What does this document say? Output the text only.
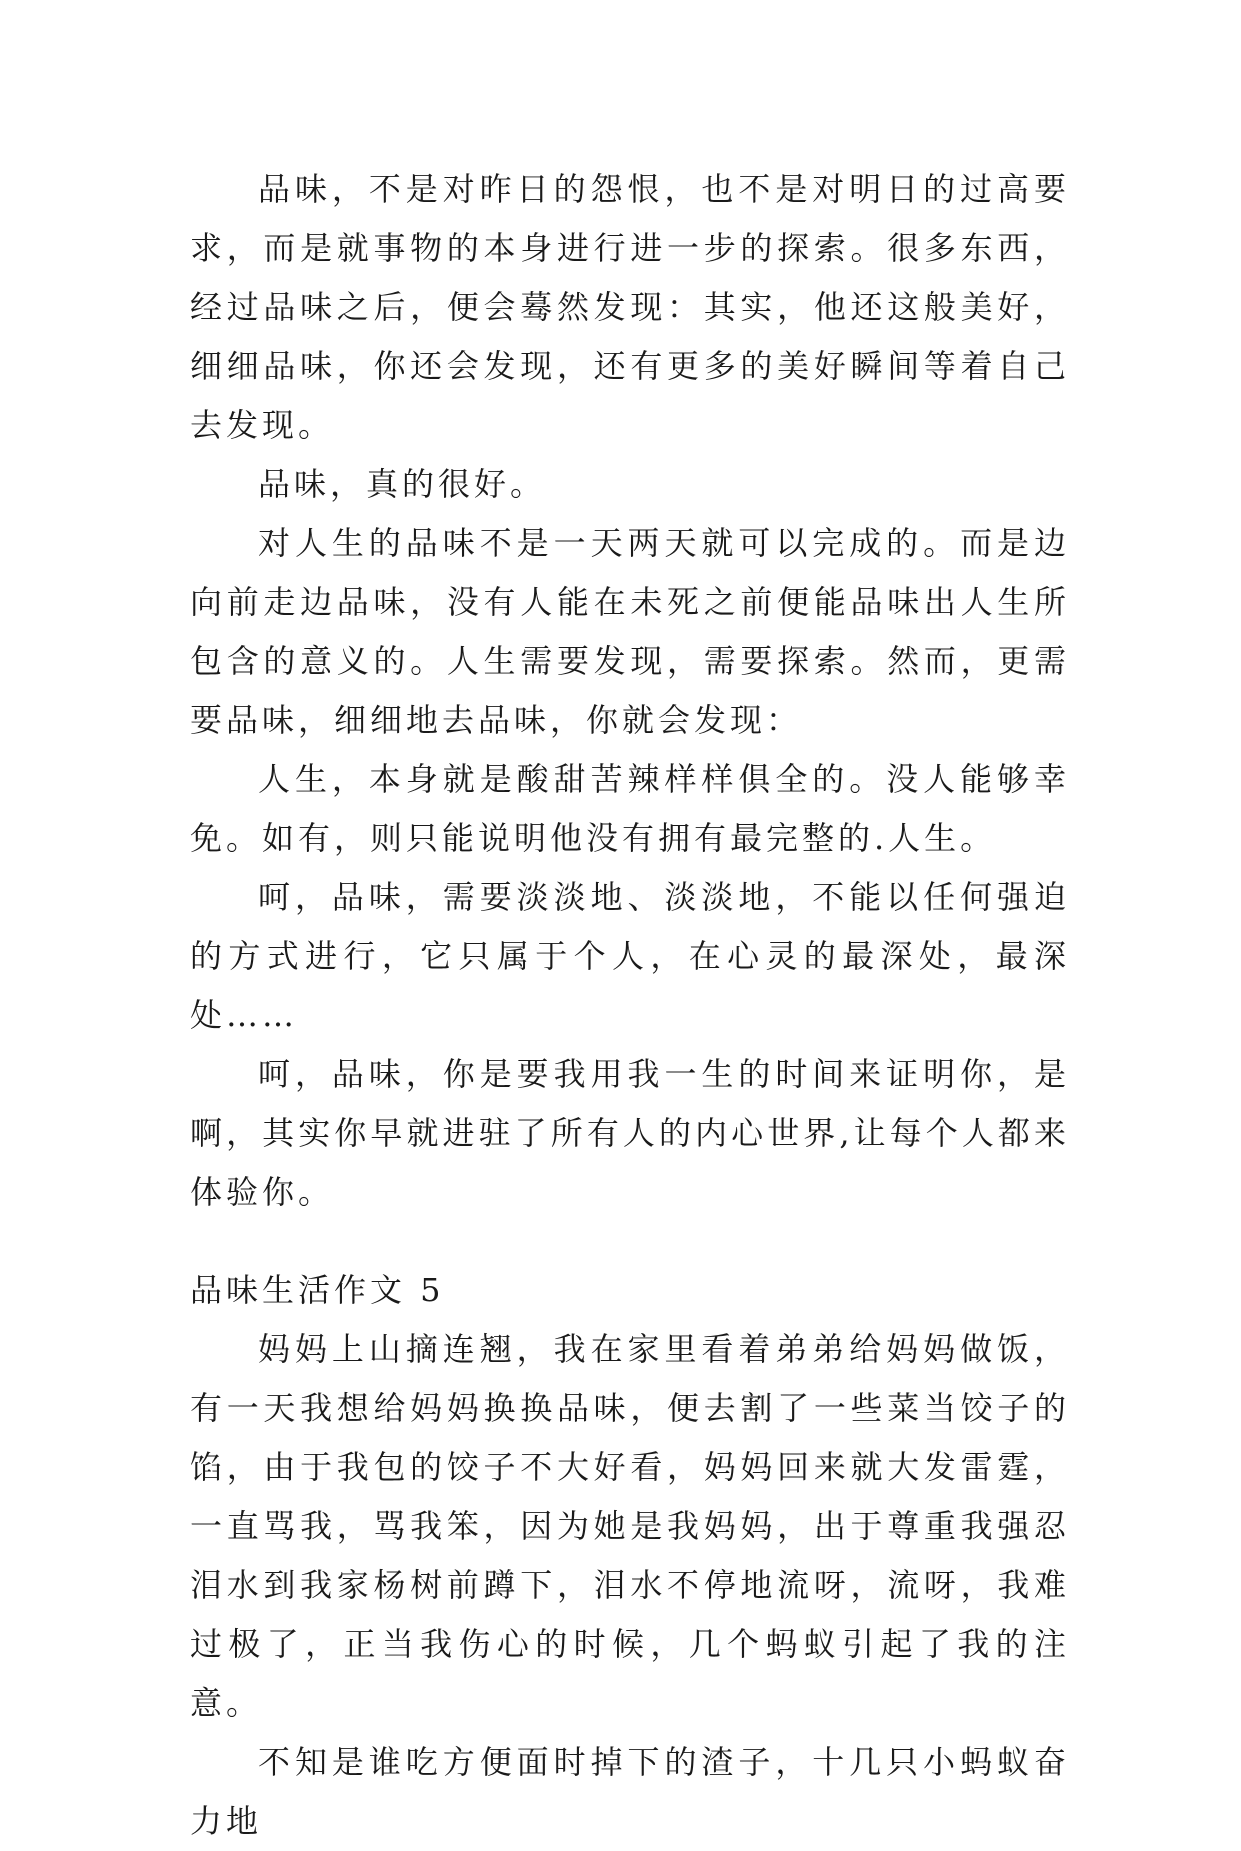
品味，不是对昨日的怨恨，也不是对明日的过高要求，而是就事物的本身进行进一步的探索。很多东西，经过品味之后，便会蓦然发现：其实，他还这般美好，细细品味，你还会发现，还有更多的美好瞬间等着自己去发现。

品味，真的很好。

对人生的品味不是一天两天就可以完成的。而是边向前走边品味，没有人能在未死之前便能品味出人生所包含的意义的。人生需要发现，需要探索。然而，更需要品味，细细地去品味，你就会发现：

人生，本身就是酸甜苦辣样样俱全的。没人能够幸免。如有，则只能说明他没有拥有最完整的.人生。

呵，品味，需要淡淡地、淡淡地，不能以任何强迫的方式进行，它只属于个人，在心灵的最深处，最深处……

呵，品味，你是要我用我一生的时间来证明你，是啊，其实你早就进驻了所有人的内心世界,让每个人都来体验你。

品味生活作文 5

妈妈上山摘连翘，我在家里看着弟弟给妈妈做饭，有一天我想给妈妈换换品味，便去割了一些菜当饺子的馅，由于我包的饺子不大好看，妈妈回来就大发雷霆，一直骂我，骂我笨，因为她是我妈妈，出于尊重我强忍泪水到我家杨树前蹲下，泪水不停地流呀，流呀，我难过极了，正当我伤心的时候，几个蚂蚁引起了我的注意。

不知是谁吃方便面时掉下的渣子，十几只小蚂蚁奋力地
